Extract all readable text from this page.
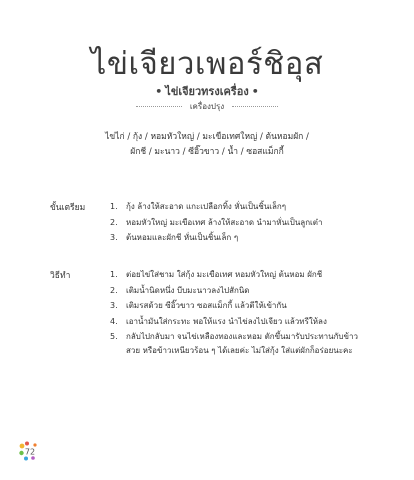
ไข่เจียวเพอร์ชิอุส
• ไข่เจียวทรงเครื่อง •
เครื่องปรุง
ไข่ไก่ / กุ้ง / หอมหัวใหญ่ / มะเขือเทศใหญ่ / ต้นหอมผัก /
ผักชี / มะนาว / ซีอิ๊วขาว / น้ำ / ซอสแม็กกี้
ขั้นเตรียม	1. กุ้ง ล้างให้สะอาด แกะเปลือกทิ้ง หั่นเป็นชิ้นเล็กๆ
2. หอมหัวใหญ่ มะเขือเทศ ล้างให้สะอาด นำมาหั่นเป็นลูกเต๋า
3. ต้นหอมและผักชี หั่นเป็นชิ้นเล็ก ๆ
วิธีทำ	1. ต่อยไข่ใส่ชาม ใส่กุ้ง มะเขือเทศ หอมหัวใหญ่ ต้นหอม ผักชี
2. เติมน้ำนิดหนึ่ง บีบมะนาวลงไปสักนิด
3. เติมรสด้วย ซีอิ๊วขาว ซอสแม็กกี้ แล้วตีให้เข้ากัน
4. เอาน้ำมันใส่กระทะ พอให้แรง นำไข่ลงไปเจียว แล้วทรีให้ลง
5. กลับไปกลับมา จนไข่เหลืองทองและหอม ตักขึ้นมารับประทานกับข้าวสวย หรือข้าวเหนียวร้อน ๆ ได้เลยค่ะ ไม่ใส่กุ้ง ใส่แต่ผักก็อร่อยนะคะ
72
